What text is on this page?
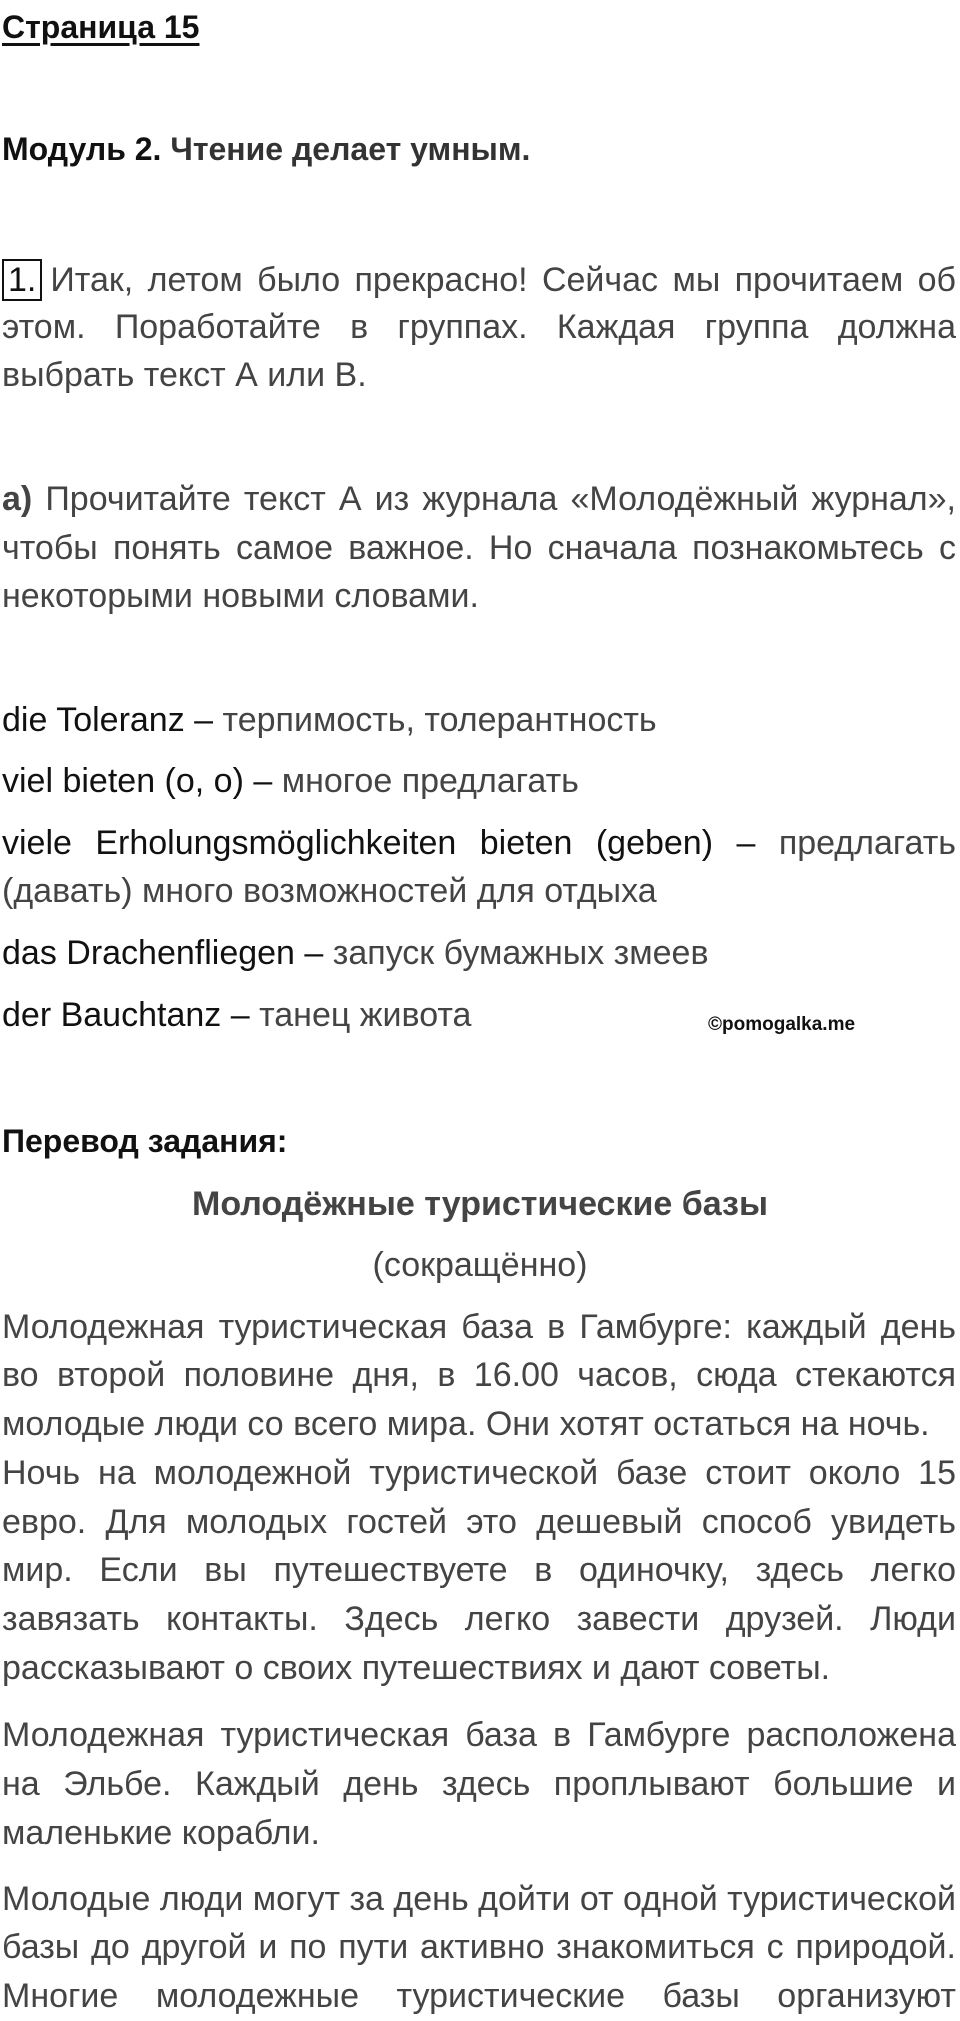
Страница 15
Модуль 2. Чтение делает умным.
1. Итак, летом было прекрасно! Сейчас мы прочитаем об
этом. Поработайте в группах. Каждая группа должна
выбрать текст А или В.
a) Прочитайте текст А из журнала «Молодёжный журнал»,
чтобы понять самое важное. Но сначала познакомьтесь с
некоторыми новыми словами.
die Toleranz – терпимость, толерантность
viel bieten (o, o) – многое предлагать
viele Erholungsmöglichkeiten bieten (geben) – предлагать
(давать) много возможностей для отдыха
das Drachenfliegen – запуск бумажных змеев
der Bauchtanz – танец живота	©pomogalka.me
Перевод задания:
Молодёжные туристические базы
(сокращённо)
Молодежная туристическая база в Гамбурге: каждый день
во второй половине дня, в 16.00 часов, сюда стекаются
молодые люди со всего мира. Они хотят остаться на ночь.
Ночь на молодежной туристической базе стоит около 15
евро. Для молодых гостей это дешевый способ увидеть
мир. Если вы путешествуете в одиночку, здесь легко
завязать контакты. Здесь легко завести друзей. Люди
рассказывают о своих путешествиях и дают советы.
Молодежная туристическая база в Гамбурге расположена
на Эльбе. Каждый день здесь проплывают большие и
маленькие корабли.
Молодые люди могут за день дойти от одной туристической
базы до другой и по пути активно знакомиться с природой.
Многие молодежные туристические базы организуют
